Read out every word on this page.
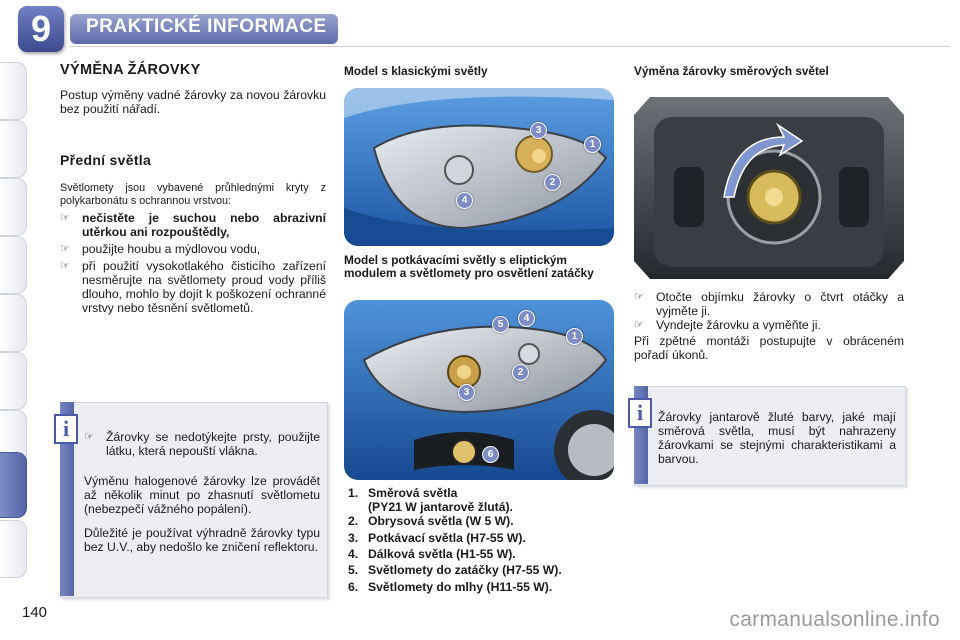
9	PRAKTICKÉ INFORMACE
VÝMĚNA ŽÁROVKY
Postup výměny vadné žárovky za novou žárovku bez použití nářadí.
Přední světla
Světlomety jsou vybavené průhlednými kryty z polykarbonátu s ochrannou vrstvou:
☞ nečistěte je suchou nebo abrazivní utěrkou ani rozpouštědly,
☞ použijte houbu a mýdlovou vodu,
☞ při použití vysokotlakého čisticího zařízení nesměrujte na světlomety proud vody příliš dlouho, mohlo by dojít k poškození ochranné vrstvy nebo těsnění světlometů.
i	☞ Žárovky se nedotýkejte prsty, použijte látku, která nepouští vlákna.
Výměnu halogenové žárovky lze provádět až několik minut po zhasnutí světlometu (nebezpečí vážného popálení).
Důležité je používat výhradně žárovky typu bez U.V., aby nedošlo ke zničení reflektoru.
Model s klasickými světly
3
1
2
4
Model s potkávacími světly s eliptickým modulem a světlomety pro osvětlení zatáčky
5
4
1
2
3
6
1. Směrová světla
(PY21 W jantarově žlutá).
2. Obrysová světla (W 5 W).
3. Potkávací světla (H7-55 W).
4. Dálková světla (H1-55 W).
5. Světlomety do zatáčky (H7-55 W).
6. Světlomety do mlhy (H11-55 W).
Výměna žárovky směrových světel
☞ Otočte objímku žárovky o čtvrt otáčky a vyjměte ji.
☞ Vyndejte žárovku a vyměňte ji.
Při zpětné montáži postupujte v obráceném pořadí úkonů.
i	Žárovky jantarově žluté barvy, jaké mají směrová světla, musí být nahrazeny žárovkami se stejnými charakteristikami a barvou.
140	carmanualsonline.info
